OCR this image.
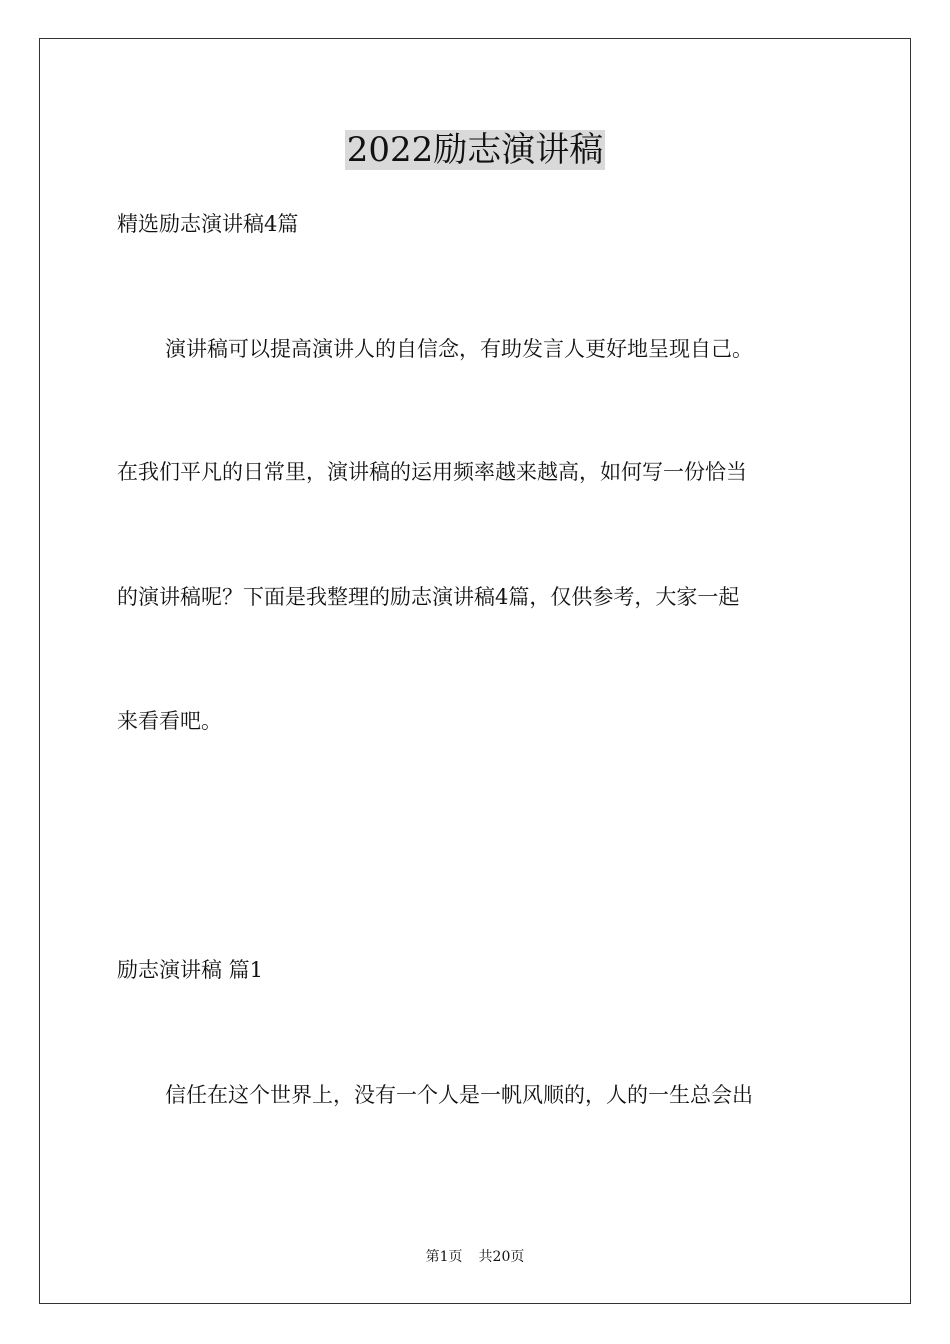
2022励志演讲稿
精选励志演讲稿4篇
演讲稿可以提高演讲人的自信念，有助发言人更好地呈现自己。
在我们平凡的日常里，演讲稿的运用频率越来越高，如何写一份恰当
的演讲稿呢？下面是我整理的励志演讲稿4篇，仅供参考，大家一起
来看看吧。
励志演讲稿 篇1
信任在这个世界上，没有一个人是一帆风顺的，人的一生总会出
第1页 共20页
